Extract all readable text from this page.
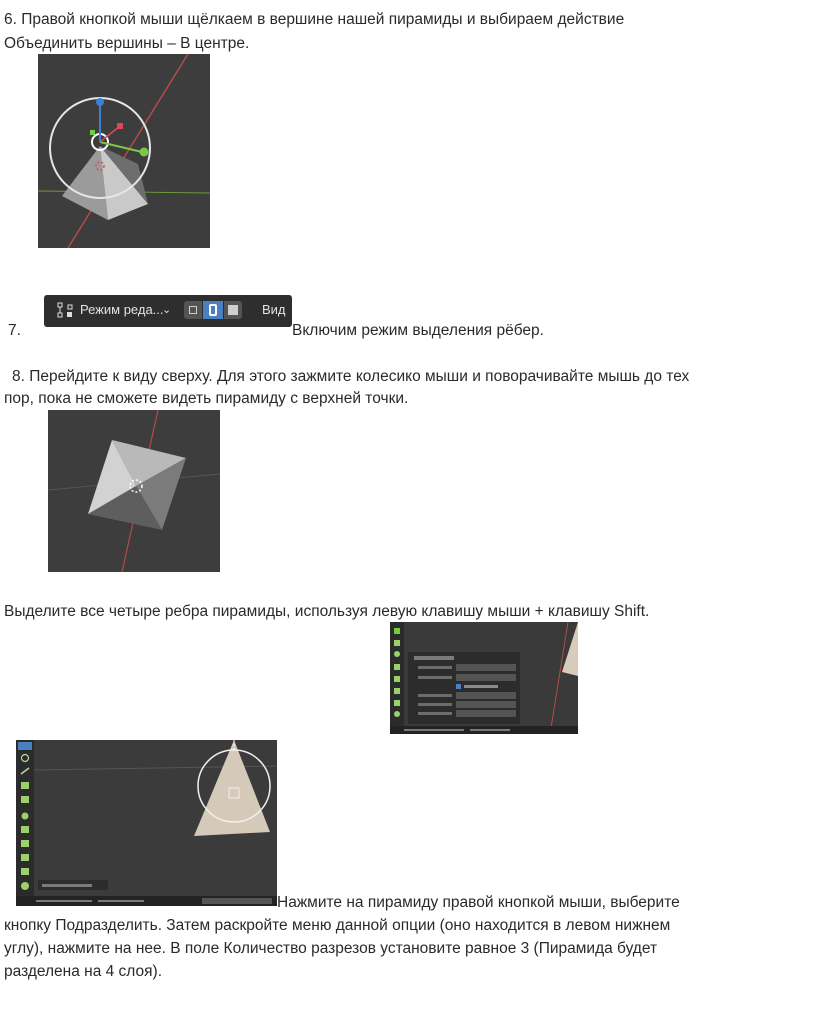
6. Правой кнопкой мыши щёлкаем в вершине нашей пирамиды и выбираем действие
Объединить вершины – В центре.
7.
Режим реда...
⌄	Вид
Включим режим выделения рёбер.
8. Перейдите к виду сверху. Для этого зажмите колесико мыши и поворачивайте мышь до тех
пор, пока не сможете видеть пирамиду с верхней точки.
Выделите все четыре ребра пирамиды, используя левую клавишу мыши + клавишу Shift.
Нажмите на пирамиду правой кнопкой мыши, выберите
кнопку Подразделить. Затем раскройте меню данной опции (оно находится в левом нижнем
углу), нажмите на нее. В поле Количество разрезов установите равное 3 (Пирамида будет
разделена на 4 слоя).
